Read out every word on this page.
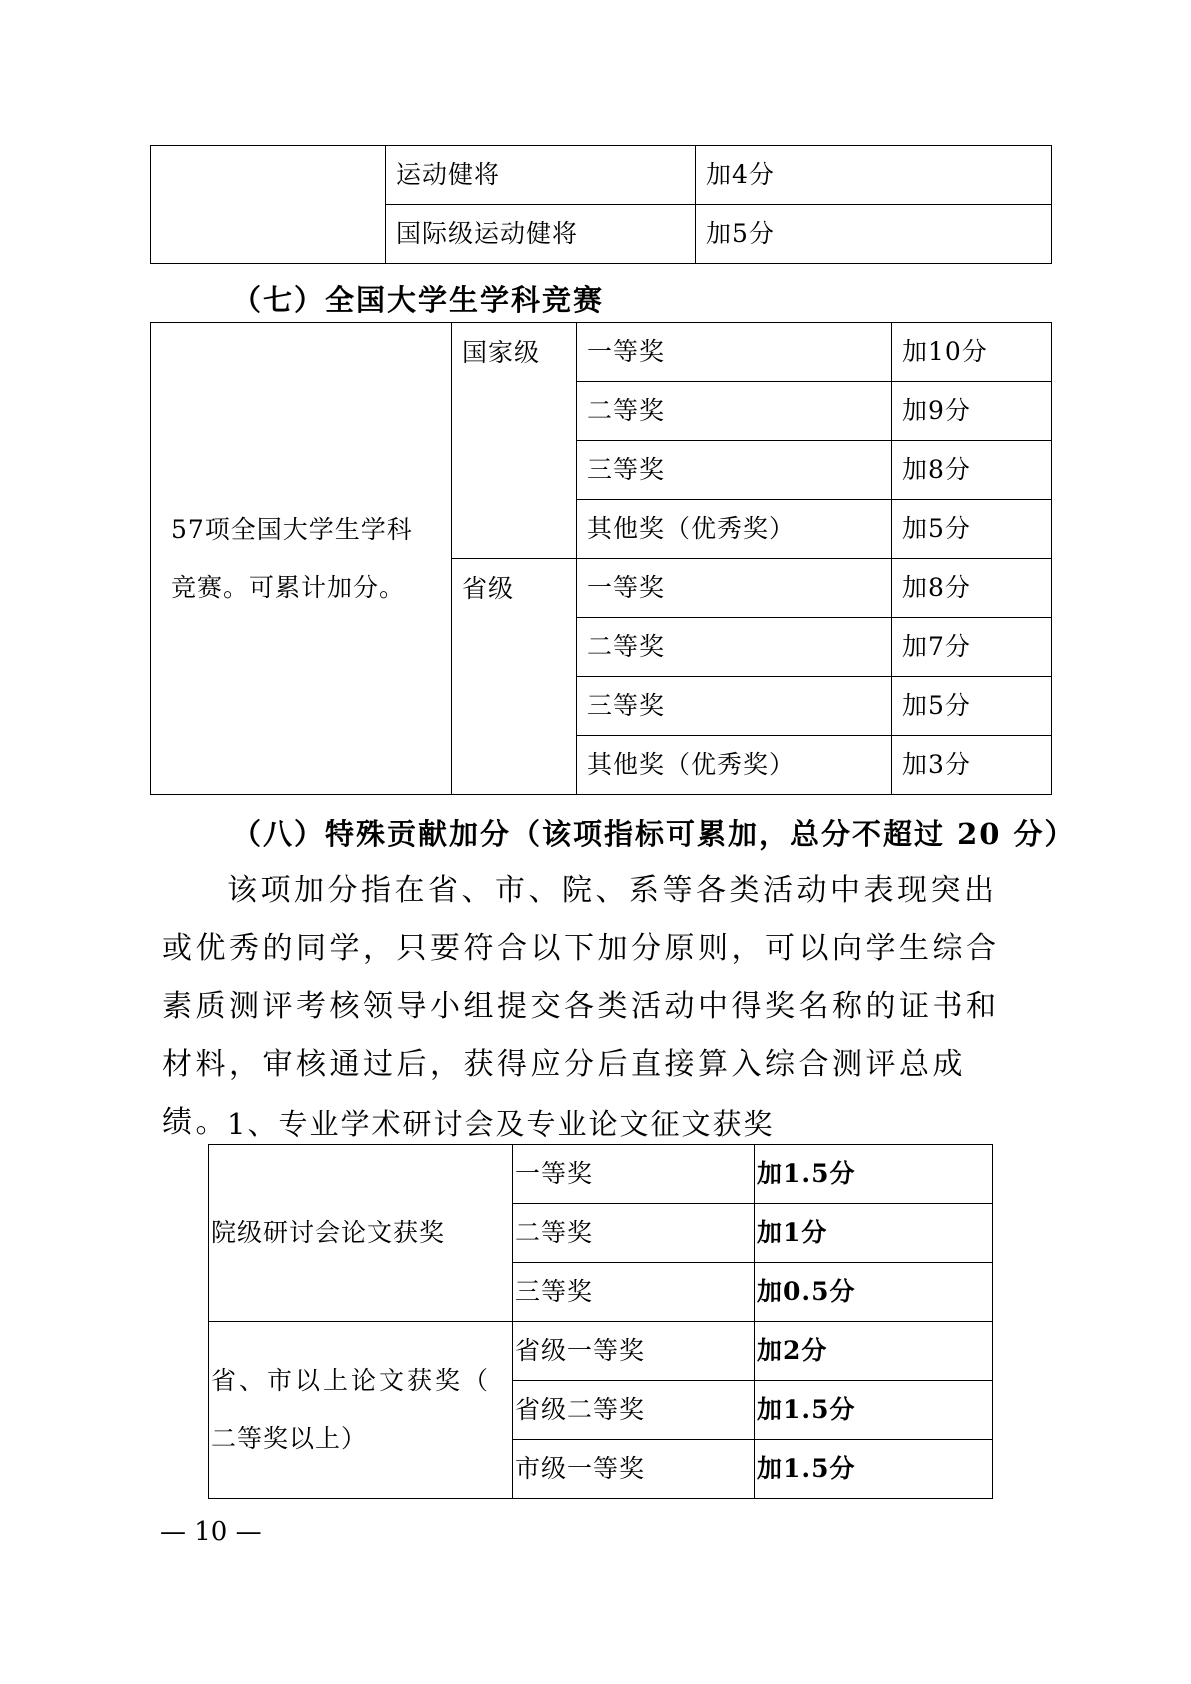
	运动健将	加4分
	国际级运动健将	加5分
（七）全国大学生学科竞赛
57项全国大学生学科
竞赛。可累计加分。	国家级	一等奖	加10分
		二等奖	加9分
		三等奖	加8分
		其他奖（优秀奖）	加5分
	省级	一等奖	加8分
		二等奖	加7分
		三等奖	加5分
		其他奖（优秀奖）	加3分
（八）特殊贡献加分（该项指标可累加，总分不超过 20 分）

该项加分指在省、市、院、系等各类活动中表现突出或优秀的同学，只要符合以下加分原则，可以向学生综合素质测评考核领导小组提交各类活动中得奖名称的证书和材料，审核通过后，获得应分后直接算入综合测评总成绩。

1、专业学术研讨会及专业论文征文获奖
院级研讨会论文获奖	一等奖	加1.5分
	二等奖	加1分
	三等奖	加0.5分

省、市以上论文获奖（
二等奖以上）	省级一等奖	加2分
	省级二等奖	加1.5分
	市级一等奖	加1.5分
— 10 —
